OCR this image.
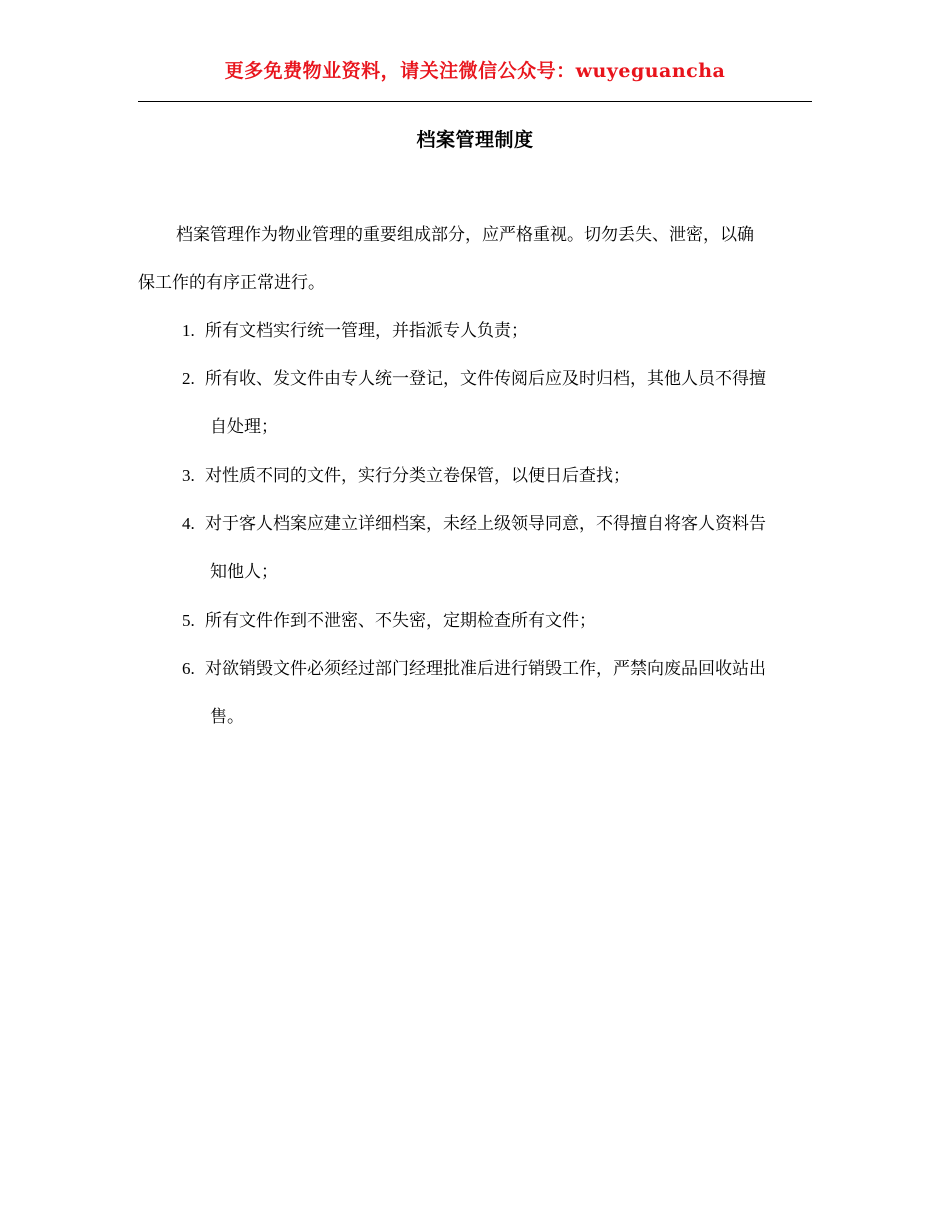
更多免费物业资料，请关注微信公众号：wuyeguancha
档案管理制度
档案管理作为物业管理的重要组成部分，应严格重视。切勿丢失、泄密，以确
保工作的有序正常进行。
1. 所有文档实行统一管理，并指派专人负责；
2. 所有收、发文件由专人统一登记，文件传阅后应及时归档，其他人员不得擅
自处理；
3. 对性质不同的文件，实行分类立卷保管，以便日后查找；
4. 对于客人档案应建立详细档案，未经上级领导同意，不得擅自将客人资料告
知他人；
5. 所有文件作到不泄密、不失密，定期检查所有文件；
6. 对欲销毁文件必须经过部门经理批准后进行销毁工作，严禁向废品回收站出
售。
